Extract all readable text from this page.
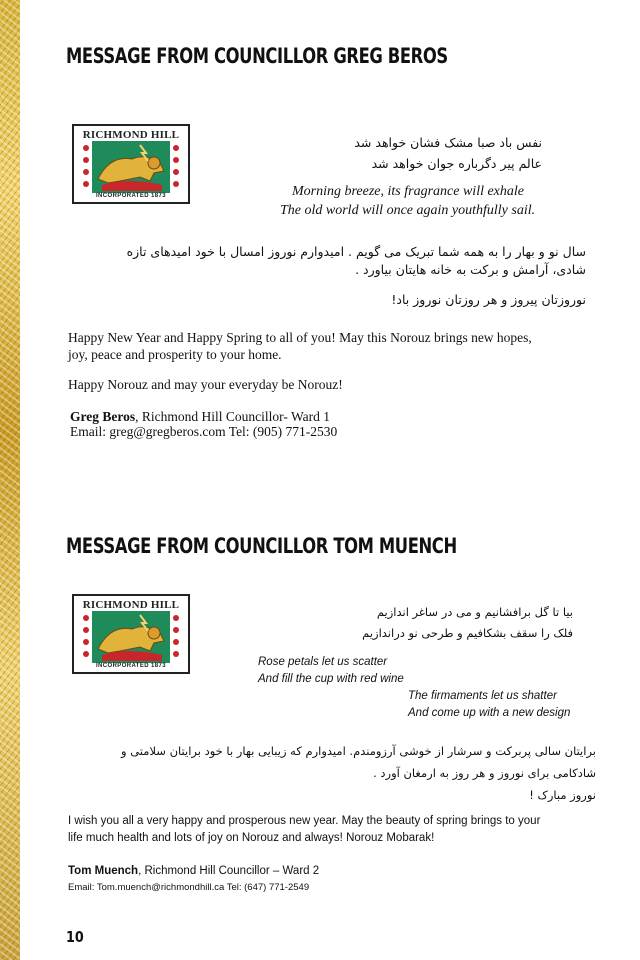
MESSAGE FROM COUNCILLOR GREG BEROS
RICHMOND HILL
INCORPORATED 1873
نفس باد صبا مشک فشان خواهد شد
عالم پیر دگرباره جوان خواهد شد
Morning breeze, its fragrance will exhale
The old world will once again youthfully sail.
سال نو و بهار را به همه شما تبریک می گویم . امیدوارم نوروز امسال با خود امیدهای تازه
شادی، آرامش و برکت به خانه هایتان بیاورد .
نوروزتان پیروز و هر روزتان نوروز باد!
Happy New Year and Happy Spring to all of you! May this Norouz brings new hopes,
joy, peace and prosperity to your home.
Happy Norouz and may your everyday be Norouz!
Greg Beros, Richmond Hill Councillor- Ward 1
Email: greg@gregberos.com Tel: (905) 771-2530
MESSAGE FROM COUNCILLOR TOM MUENCH
RICHMOND HILL
INCORPORATED 1873
بیا تا گل برافشانیم و می در ساغر اندازیم
فلک را سقف بشکافیم و طرحی نو دراندازیم
Rose petals let us scatter
And fill the cup with red wine
The firmaments let us shatter
And come up with a new design
برایتان سالی پربرکت و سرشار از خوشی آرزومندم. امیدوارم که زیبایی بهار با خود برایتان سلامتی و
شادکامی برای نوروز و هر روز به ارمغان آورد .
نوروز مبارک !
I wish you all a very happy and prosperous new year. May the beauty of spring brings to your
life much health and lots of joy on Norouz and always! Norouz Mobarak!
Tom Muench, Richmond Hill Councillor – Ward 2
Email: Tom.muench@richmondhill.ca Tel: (647) 771-2549
10
